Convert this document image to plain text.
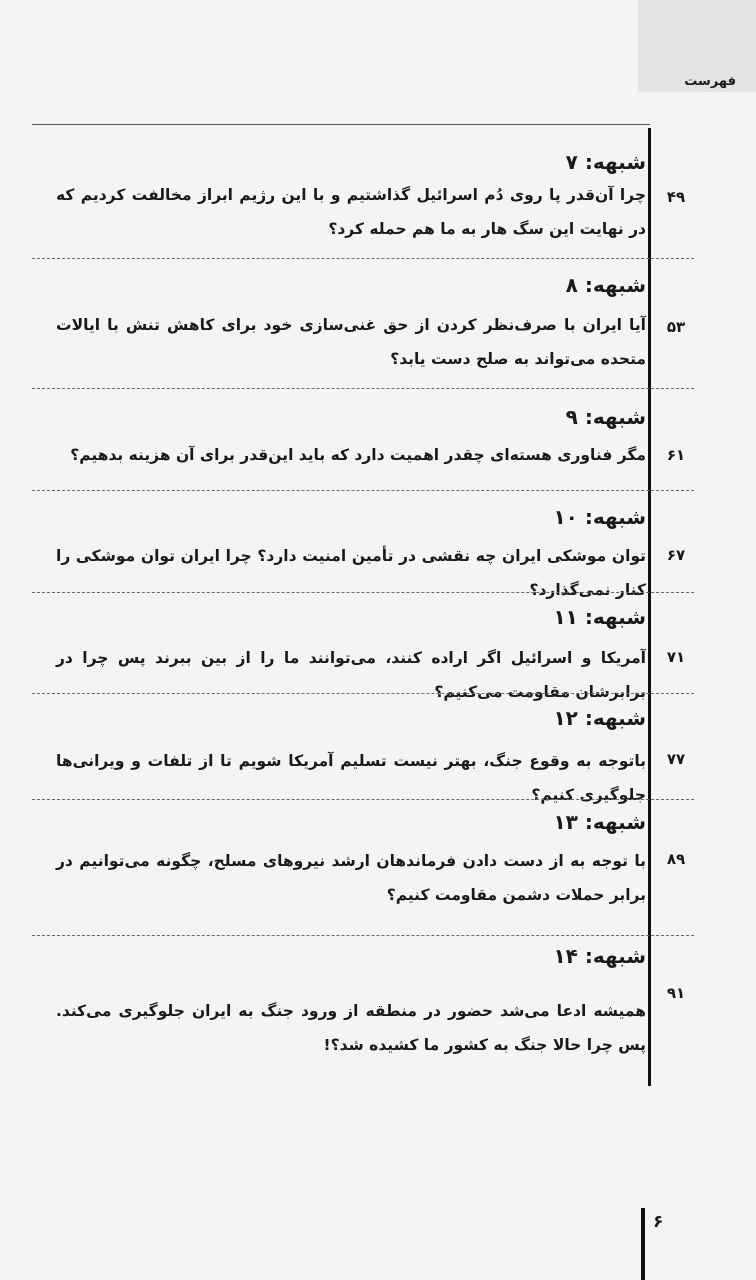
فهرست
شبهه: ۷
چرا آن‌قدر پا روی دُم اسرائیل گذاشتیم و با این رژیم ابراز مخالفت کردیم که در نهایت این سگ هار به ما هم حمله کرد؟
۴۹
شبهه: ۸
آیا ایران با صرف‌نظر کردن از حق غنی‌سازی خود برای کاهش تنش با ایالات متحده می‌تواند به صلح دست یابد؟
۵۳
شبهه: ۹
مگر فناوری هسته‌ای چقدر اهمیت دارد که باید این‌قدر برای آن هزینه بدهیم؟	۶۱
شبهه: ۱۰
توان موشکی ایران چه نقشی در تأمین امنیت دارد؟ چرا ایران توان موشکی را کنار نمی‌گذارد؟
۶۷
شبهه: ۱۱
آمریکا و اسرائیل اگر اراده کنند، می‌توانند ما را از بین ببرند پس چرا در برابرشان مقاومت می‌کنیم؟
۷۱
شبهه: ۱۲
باتوجه به وقوع جنگ، بهتر نیست تسلیم آمریکا شویم تا از تلفات و ویرانی‌ها جلوگیری کنیم؟
۷۷
شبهه: ۱۳
با توجه به از دست دادن فرماندهان ارشد نیروهای مسلح، چگونه می‌توانیم در برابر حملات دشمن مقاومت کنیم؟
۸۹
شبهه: ۱۴
همیشه ادعا می‌شد حضور در منطقه از ورود جنگ به ایران جلوگیری می‌کند. پس چرا حالا جنگ به کشور ما کشیده شد؟!
۹۱
۶
